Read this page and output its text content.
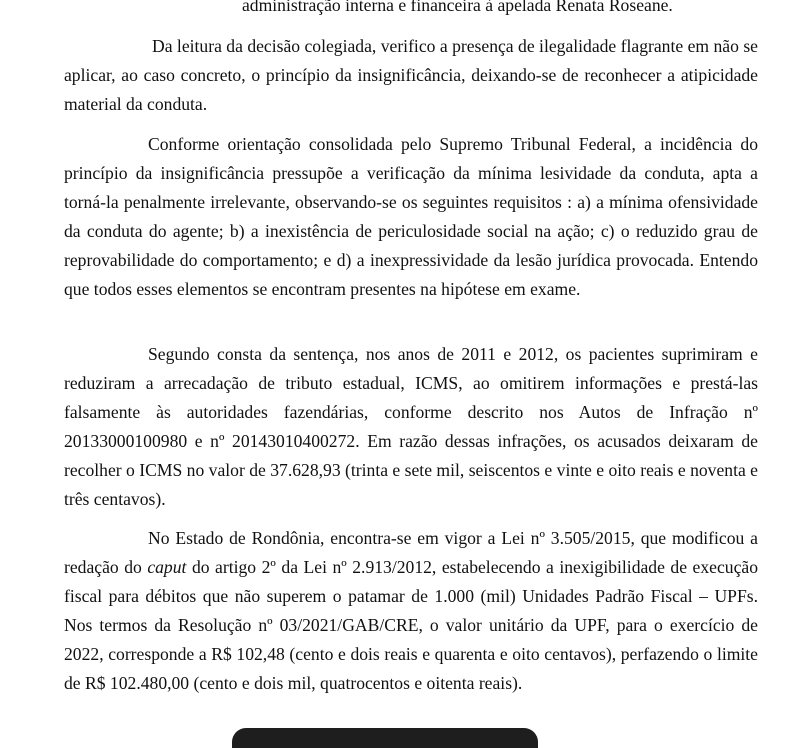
administração interna e financeira à apelada Renata Roseane.

Da leitura da decisão colegiada, verifico a presença de ilegalidade flagrante em não se aplicar, ao caso concreto, o princípio da insignificância, deixando-se de reconhecer a atipicidade material da conduta.

Conforme orientação consolidada pelo Supremo Tribunal Federal, a incidência do princípio da insignificância pressupõe a verificação da mínima lesividade da conduta, apta a torná-la penalmente irrelevante, observando-se os seguintes requisitos : a) a mínima ofensividade da conduta do agente; b) a inexistência de periculosidade social na ação; c) o reduzido grau de reprovabilidade do comportamento; e d) a inexpressividade da lesão jurídica provocada. Entendo que todos esses elementos se encontram presentes na hipótese em exame.

Segundo consta da sentença, nos anos de 2011 e 2012, os pacientes suprimiram e reduziram a arrecadação de tributo estadual, ICMS, ao omitirem informações e prestá-las falsamente às autoridades fazendárias, conforme descrito nos Autos de Infração nº 20133000100980 e nº 20143010400272. Em razão dessas infrações, os acusados deixaram de recolher o ICMS no valor de 37.628,93 (trinta e sete mil, seiscentos e vinte e oito reais e noventa e três centavos).

No Estado de Rondônia, encontra-se em vigor a Lei nº 3.505/2015, que modificou a redação do caput do artigo 2º da Lei nº 2.913/2012, estabelecendo a inexigibilidade de execução fiscal para débitos que não superem o patamar de 1.000 (mil) Unidades Padrão Fiscal – UPFs. Nos termos da Resolução nº 03/2021/GAB/CRE, o valor unitário da UPF, para o exercício de 2022, corresponde a R$ 102,48 (cento e dois reais e quarenta e oito centavos), perfazendo o limite de R$ 102.480,00 (cento e dois mil, quatrocentos e oitenta reais).
